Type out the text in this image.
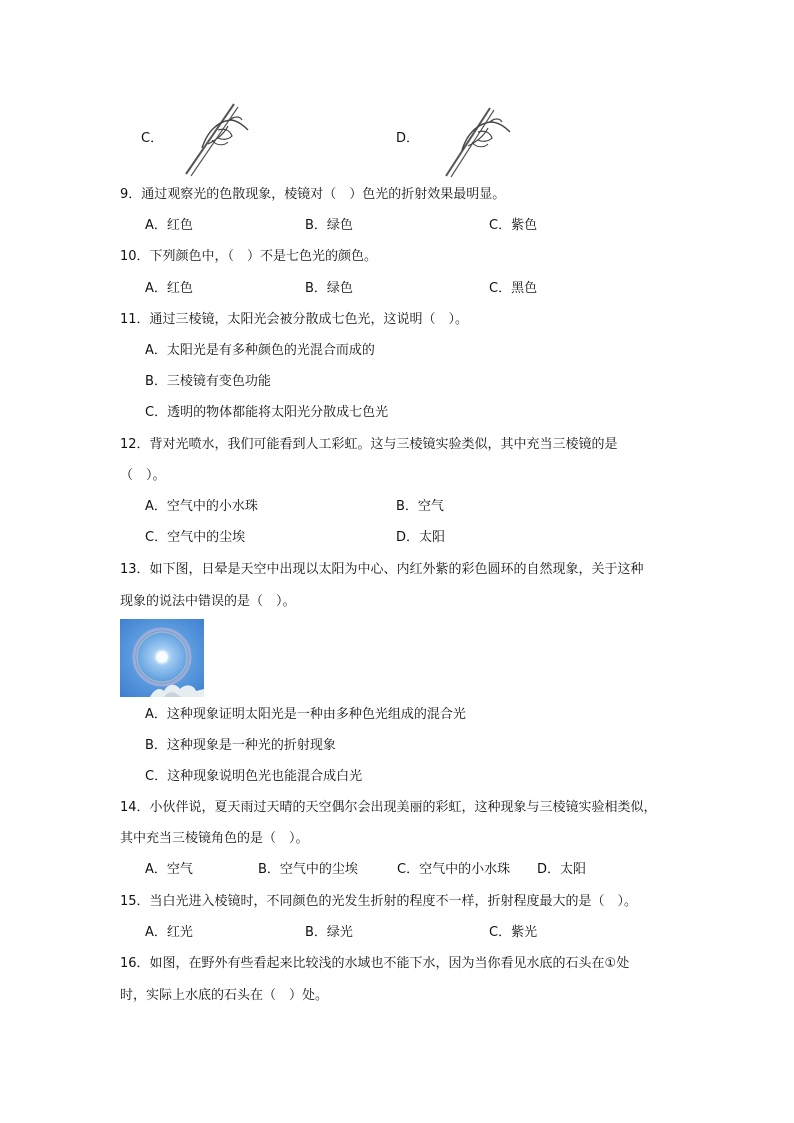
C．	D．
9．通过观察光的色散现象，棱镜对（　）色光的折射效果最明显。
A．红色	B．绿色	C．紫色
10．下列颜色中，（　）不是七色光的颜色。
A．红色	B．绿色	C．黑色
11．通过三棱镜，太阳光会被分散成七色光，这说明（　）。
A．太阳光是有多种颜色的光混合而成的
B．三棱镜有变色功能
C．透明的物体都能将太阳光分散成七色光
12．背对光喷水，我们可能看到人工彩虹。这与三棱镜实验类似，其中充当三棱镜的是
（　）。
A．空气中的小水珠	B．空气
C．空气中的尘埃	D．太阳
13．如下图，日晕是天空中出现以太阳为中心、内红外紫的彩色圆环的自然现象，关于这种
现象的说法中错误的是（　）。
A．这种现象证明太阳光是一种由多种色光组成的混合光
B．这种现象是一种光的折射现象
C．这种现象说明色光也能混合成白光
14．小伙伴说，夏天雨过天晴的天空偶尔会出现美丽的彩虹，这种现象与三棱镜实验相类似，
其中充当三棱镜角色的是（　）。
A．空气	B．空气中的尘埃	C．空气中的小水珠 D．太阳
15．当白光进入棱镜时，不同颜色的光发生折射的程度不一样，折射程度最大的是（　）。
A．红光	B．绿光	C．紫光
16．如图，在野外有些看起来比较浅的水域也不能下水，因为当你看见水底的石头在①处
时，实际上水底的石头在（　）处。
